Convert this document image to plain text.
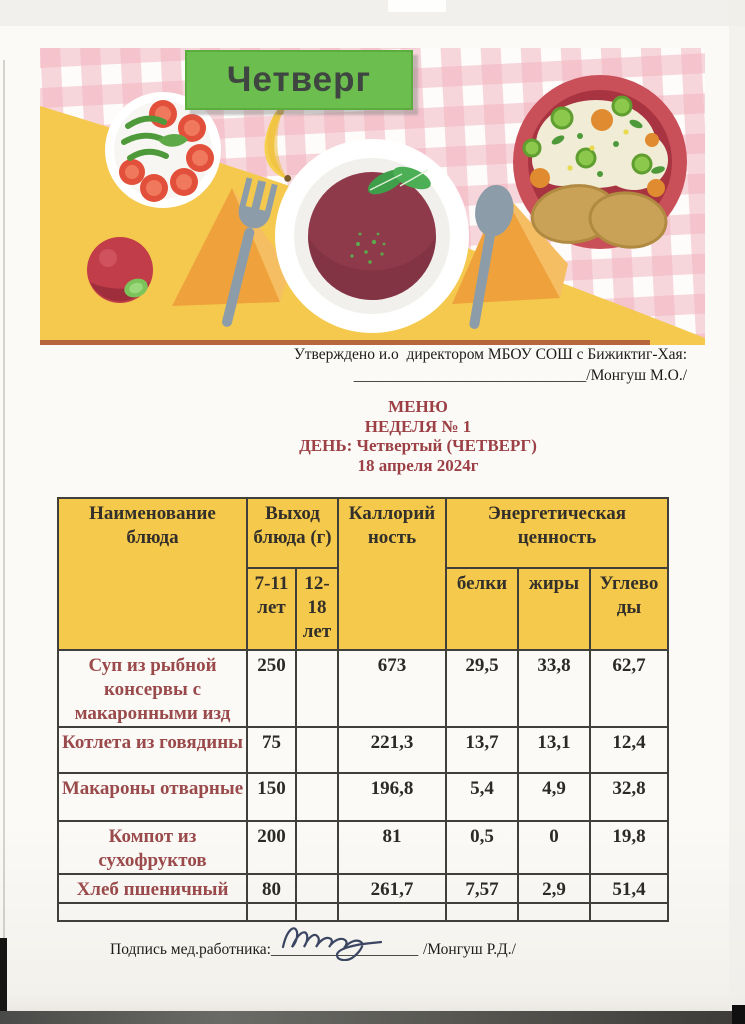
Четверг
Утверждено и.о  директором МБОУ СОШ с Бижиктиг-Хая:
______________________________/Монгуш М.О./
МЕНЮ
НЕДЕЛЯ № 1
ДЕНЬ: Четвертый (ЧЕТВЕРГ)
18 апреля 2024г
Наименование блюда	Выход блюда (г)		Каллорий ность	Энергетическая ценность		
	7-11 лет	12-18 лет		белки	жиры	Углево ды
Суп из рыбной консервы с макаронными изд	250		673	29,5	33,8	62,7
Котлета из говядины	75		221,3	13,7	13,1	12,4
Макароны отварные	150		196,8	5,4	4,9	32,8
Компот из сухофруктов	200		81	0,5	0	19,8
Хлеб пшеничный	80		261,7	7,57	2,9	51,4

Подпись мед.работника: ___________________ /Монгуш Р.Д./
